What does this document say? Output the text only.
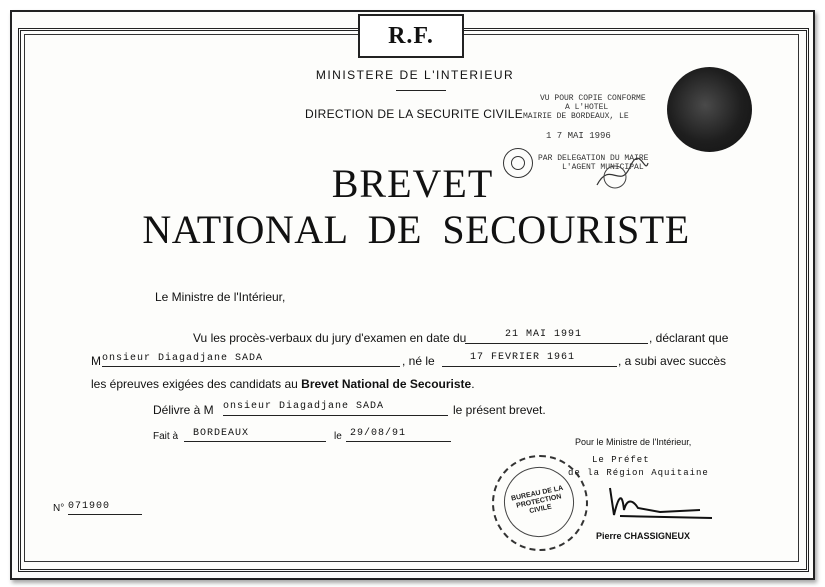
R.F.
MINISTERE DE L'INTERIEUR
DIRECTION DE LA SECURITE CIVILE
VU POUR COPIE CONFORME
A L'HOTEL
MAIRIE DE BORDEAUX, LE
1 7 MAI 1996
PAR DELEGATION DU MAIRE
L'AGENT MUNICIPAL
BREVET
NATIONAL DE SECOURISTE
Le Ministre de l'Intérieur,
Vu les procès-verbaux du jury d'examen en date du	21 MAI 1991	, déclarant que
M onsieur Diagadjane SADA	, né le	17 FEVRIER 1961	, a subi avec succès
les épreuves exigées des candidats au Brevet National de Secouriste.
Délivre à M onsieur Diagadjane SADA	le présent brevet.
Fait à BORDEAUX	le 29/08/91
Pour le Ministre de l'Intérieur,
Le Préfet
de la Région Aquitaine
Pierre CHASSIGNEUX
BUREAU DE LA PROTECTION CIVILE
N° 071900
